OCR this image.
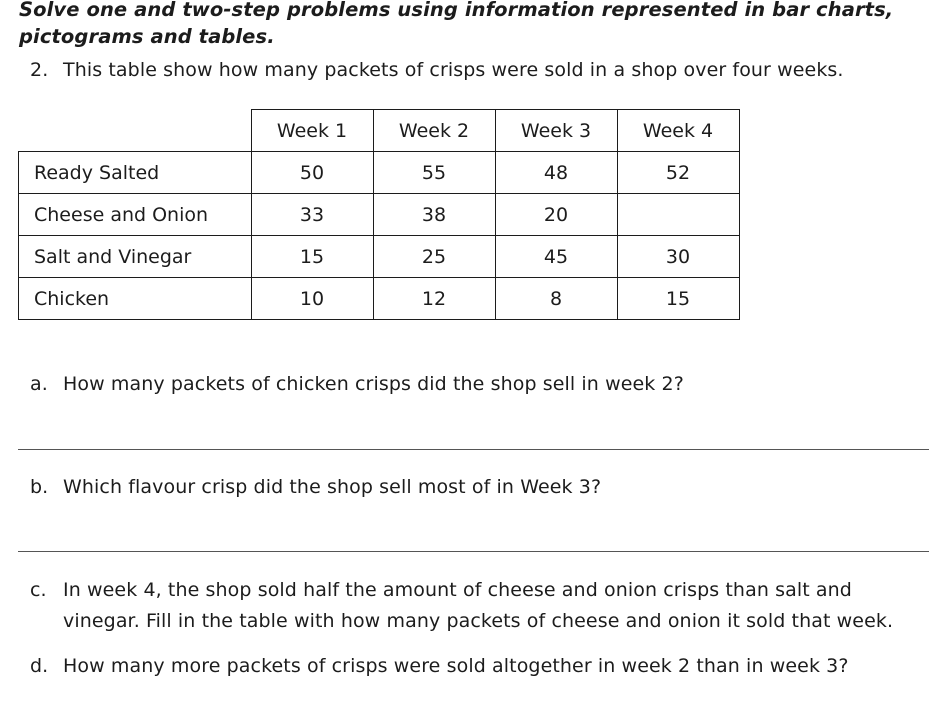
Solve one and two-step problems using information represented in bar charts, pictograms and tables.
2. This table show how many packets of crisps were sold in a shop over four weeks.
	Week 1	Week 2	Week 3	Week 4
Ready Salted	50	55	48	52
Cheese and Onion	33	38	20	
Salt and Vinegar	15	25	45	30
Chicken	10	12	8	15
a. How many packets of chicken crisps did the shop sell in week 2?
b. Which flavour crisp did the shop sell most of in Week 3?
c. In week 4, the shop sold half the amount of cheese and onion crisps than salt and vinegar. Fill in the table with how many packets of cheese and onion it sold that week.
d. How many more packets of crisps were sold altogether in week 2 than in week 3?
